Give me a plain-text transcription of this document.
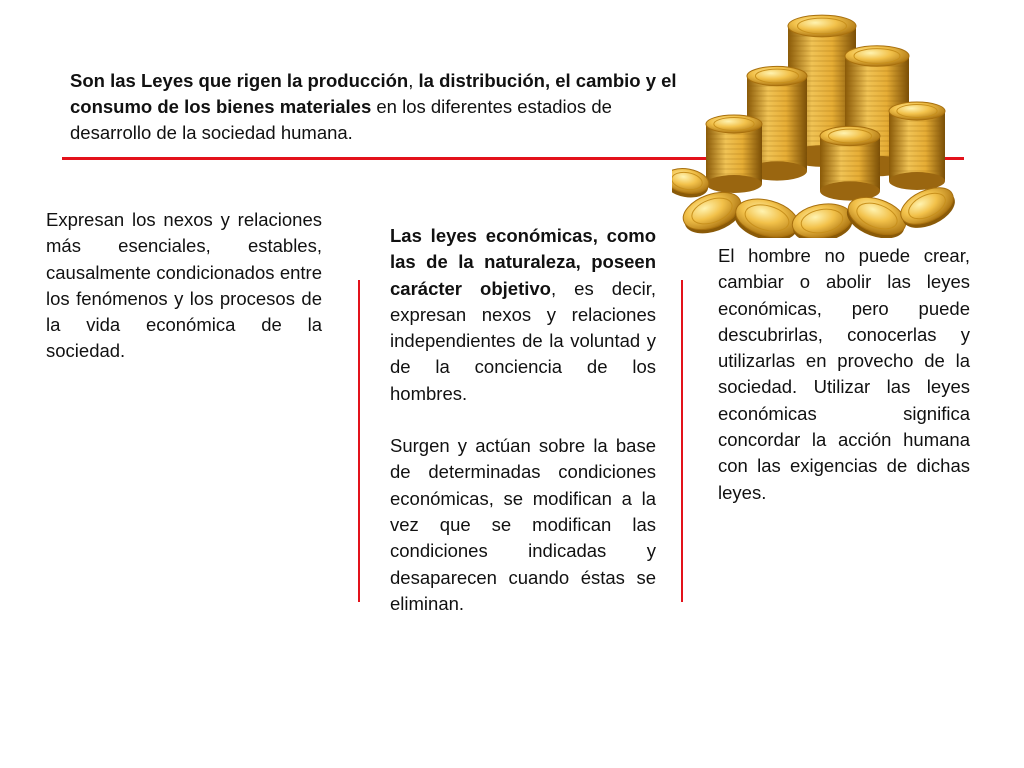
Son las Leyes que rigen la producción, la distribución, el cambio y el consumo de los bienes materiales en los diferentes estadios de desarrollo de la sociedad humana.

Expresan los nexos y relaciones más esenciales, estables, causalmente condicionados entre los fenómenos y los procesos de la vida económica de la sociedad.

Las leyes económicas, como las de la naturaleza, poseen carácter objetivo, es decir, expresan nexos y relaciones independientes de la voluntad y de la conciencia de los hombres.

Surgen y actúan sobre la base de determinadas condiciones económicas, se modifican a la vez que se modifican las condiciones indicadas y desaparecen cuando éstas se eliminan.

El hombre no puede crear, cambiar o abolir las leyes económicas, pero puede descubrirlas, conocerlas y utilizarlas en provecho de la sociedad. Utilizar las leyes económicas significa concordar la acción humana con las exigencias de dichas leyes.
